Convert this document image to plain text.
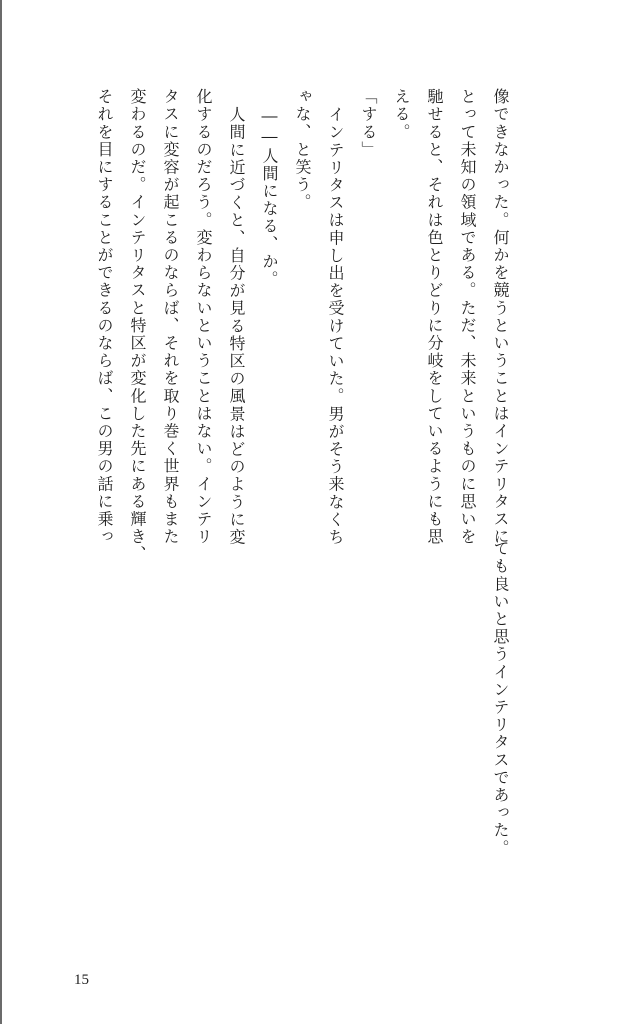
像できなかった。何かを競うということはインテリタスに
とって未知の領域である。ただ、未来というものに思いを
馳せると、それは色とりどりに分岐をしているようにも思
える。
「する」
インテリタスは申し出を受けていた。男がそう来なくち
ゃな、と笑う。
――人間になる、か。
人間に近づくと、自分が見る特区の風景はどのように変
化するのだろう。変わらないということはない。インテリ
タスに変容が起こるのならば、それを取り巻く世界もまた
変わるのだ。インテリタスと特区が変化した先にある輝き、
それを目にすることができるのならば、この男の話に乗っ
ても良いと思うインテリタスであった。
15
